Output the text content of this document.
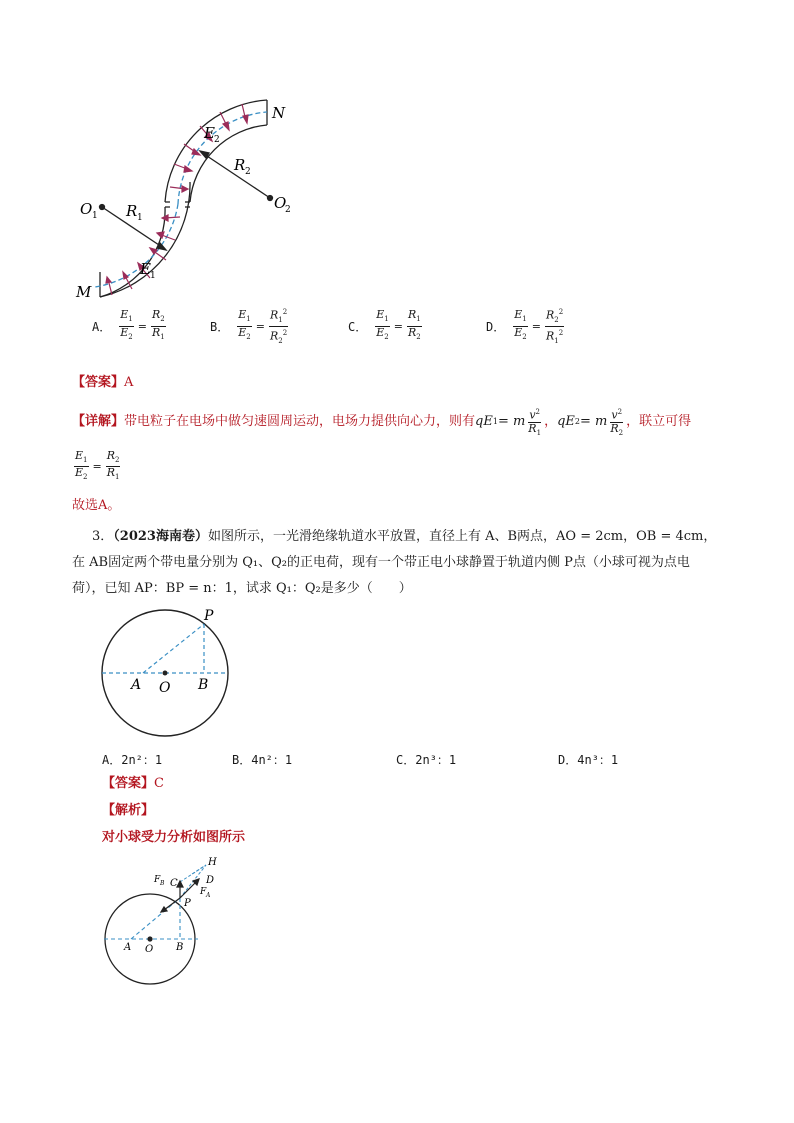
M
N
O 1
O
2
R 1
R 2
E 1
E 2
A． $\frac{E_1}{E_2} = \frac{R_2}{R_1}$	B． $\frac{E_1}{E_2} = \frac{R_1^2}{R_2^2}$	C． $\frac{E_1}{E_2} = \frac{R_1}{R_2}$	D． $\frac{E_1}{E_2} = \frac{R_2^2}{R_1^2}$
【答案】A
【详解】 带电粒子在电场中做匀速圆周运动，电场力提供向心力，则有 qE 1 = m $\frac{v^2}{R_1}$ ， qE 2 = m $\frac{v^2}{R_2}$ ，联立可得
$\frac{E_1}{E_2} = \frac{R_2}{R_1}$
故选A。
3．（2023海南卷）如图所示，一光滑绝缘轨道水平放置，直径上有 A、B两点，AO = 2cm，OB = 4cm，
在 AB固定两个带电量分别为 Q₁、Q₂的正电荷，现有一个带正电小球静置于轨道内侧 P点（小球可视为点电
荷），已知 AP：BP = n：1，试求 Q₁：Q₂是多少（　　）
P
A O B
A．2n²：1	B．4n²：1	C．2n³：1	D．4n³：1
【答案】C
【解析】
对小球受力分析如图所示
H
C	D
P
F B
F A
A O B
